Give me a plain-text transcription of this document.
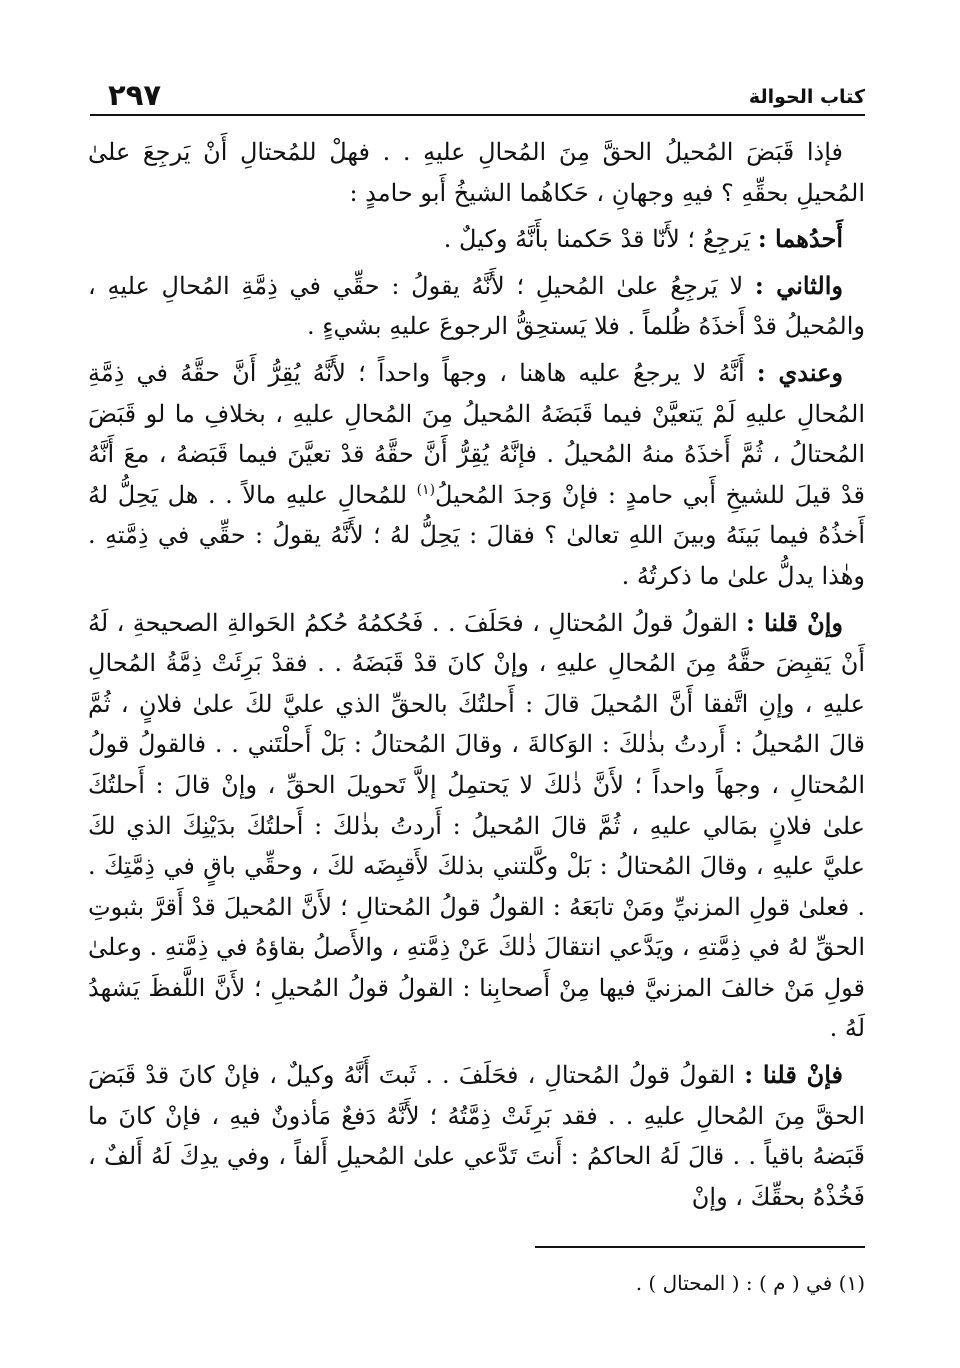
كتاب الحوالة
٢٩٧

فإذا قَبَضَ المُحيلُ الحقَّ مِنَ المُحالِ عليهِ . . فهلْ للمُحتالِ أَنْ يَرجِعَ علىٰ المُحيلِ بحقِّهِ ؟ فيهِ وجهانِ ، حَكاهُما الشيخُ أَبو حامدٍ :

أَحدُهما : يَرجِعُ ؛ لأَنّا قدْ حَكمنا بأَنَّهُ وكيلٌ .

والثاني : لا يَرجِعُ علىٰ المُحيلِ ؛ لأَنَّهُ يقولُ : حقِّي في ذِمَّةِ المُحالِ عليهِ ، والمُحيلُ قدْ أَخذَهُ ظُلماً . فلا يَستحِقُّ الرجوعَ عليهِ بشيءٍ .

وعندي : أَنَّهُ لا يرجعُ عليه هاهنا ، وجهاً واحداً ؛ لأَنَّهُ يُقِرُّ أَنَّ حقَّهُ في ذِمَّةِ المُحالِ عليهِ لَمْ يَتعيَّنْ فيما قَبَضَهُ المُحيلُ مِنَ المُحالِ عليهِ ، بخلافِ ما لو قَبَضَ المُحتالُ ، ثُمَّ أَخذَهُ منهُ المُحيلُ . فإنَّهُ يُقِرُّ أَنَّ حقَّهُ قدْ تعيَّنَ فيما قَبَضهُ ، معَ أَنَّهُ قدْ قيلَ للشيخِ أَبي حامدٍ : فإنْ وَجدَ المُحيلُ$^{(١)}$ للمُحالِ عليهِ مالاً . . هل يَحِلُّ لهُ أَخذُهُ فيما بَينَهُ وبينَ اللهِ تعالىٰ ؟ فقالَ : يَحِلُّ لهُ ؛ لأَنَّهُ يقولُ : حقِّي في ذِمَّتهِ . وهٰذا يدلُّ علىٰ ما ذكرتُهُ .

وإنْ قلنا : القولُ قولُ المُحتالِ ، فحَلَفَ . . فَحُكمُهُ حُكمُ الحَوالةِ الصحيحةِ ، لَهُ أَنْ يَقبِضَ حقَّهُ مِنَ المُحالِ عليهِ ، وإنْ كانَ قدْ قَبَضَهُ . . فقدْ بَرِئَتْ ذِمَّةُ المُحالِ عليهِ ، وإنِ اتَّفقا أَنَّ المُحيلَ قالَ : أَحلتُكَ بالحقِّ الذي عليَّ لكَ علىٰ فلانٍ ، ثُمَّ قالَ المُحيلُ : أَردتُ بذٰلكَ : الوَكالةَ ، وقالَ المُحتالُ : بَلْ أَحلْتَني . . فالقولُ قولُ المُحتالِ ، وجهاً واحداً ؛ لأَنَّ ذٰلكَ لا يَحتمِلُ إلاَّ تَحويلَ الحقِّ ، وإنْ قالَ : أَحلتُكَ علىٰ فلانٍ بمَالي عليهِ ، ثُمَّ قالَ المُحيلُ : أَردتُ بذٰلكَ : أَحلتُكَ بدَيْنِكَ الذي لكَ عليَّ عليهِ ، وقالَ المُحتالُ : بَلْ وكَّلتني بذلكَ لأَقبِضَه لكَ ، وحقِّي باقٍ في ذِمَّتِكَ . . فعلىٰ قولِ المزنيِّ ومَنْ تابَعَهُ : القولُ قولُ المُحتالِ ؛ لأَنَّ المُحيلَ قدْ أَقرَّ بثبوتِ الحقِّ لهُ في ذِمَّتهِ ، ويَدَّعي انتقالَ ذٰلكَ عَنْ ذِمَّتهِ ، والأَصلُ بقاؤهُ في ذِمَّتهِ . وعلىٰ قولِ مَنْ خالفَ المزنيَّ فيها مِنْ أَصحابِنا : القولُ قولُ المُحيلِ ؛ لأَنَّ اللَّفظَ يَشهدُ لَهُ .

فإنْ قلنا : القولُ قولُ المُحتالِ ، فحَلَفَ . . ثَبتَ أَنَّهُ وكيلٌ ، فإنْ كانَ قدْ قَبَضَ الحقَّ مِنَ المُحالِ عليهِ . . فقد بَرِئَتْ ذِمَّتُهُ ؛ لأَنَّهُ دَفعٌ مَأذونٌ فيهِ ، فإنْ كانَ ما قَبَضهُ باقياً . . قالَ لَهُ الحاكمُ : أَنتَ تَدَّعي علىٰ المُحيلِ أَلفاً ، وفي يدِكَ لَهُ أَلفٌ ، فَخُذْهُ بحقِّكَ ، وإنْ

(١) في ( م ) : ( المحتال ) .
